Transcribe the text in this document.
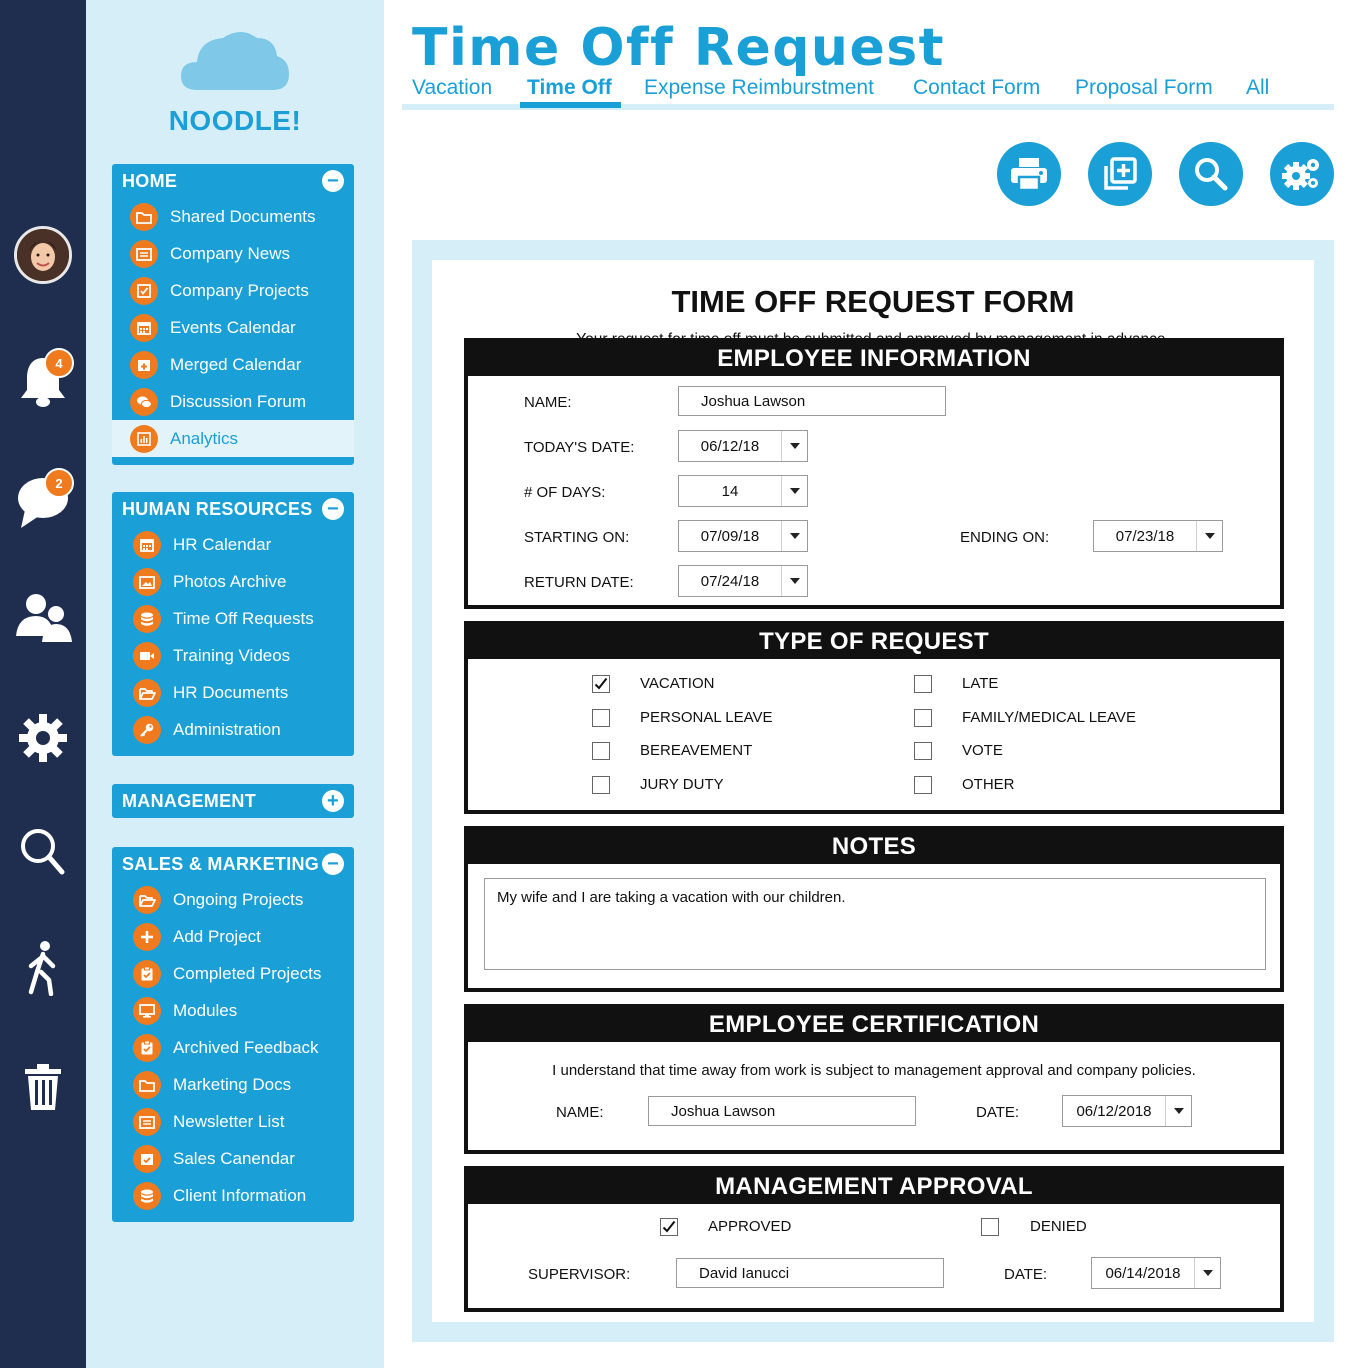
4
2
NOODLE!
HOME	−
Shared Documents
Company News
Company Projects
Events Calendar
Merged Calendar
Discussion Forum
Analytics
HUMAN RESOURCES −
HR Calendar
Photos Archive
Time Off Requests
Training Videos
HR Documents
Administration
MANAGEMENT	+
SALES & MARKETING −
Ongoing Projects
Add Project
Completed Projects
Modules
Archived Feedback
Marketing Docs
Newsletter List
Sales Canendar
Client Information
Time Off Request
Vacation Time Off Expense Reimburstment Contact Form Proposal Form All
TIME OFF REQUEST FORM
EMPLOYEE INFORMATION
NAME:	Joshua Lawson
TODAY'S DATE:	06/12/18
# OF DAYS:	14
STARTING ON:	07/09/18	ENDING ON:	07/23/18
RETURN DATE:	07/24/18
TYPE OF REQUEST
VACATION	LATE
PERSONAL LEAVE	FAMILY/MEDICAL LEAVE
BEREAVEMENT	VOTE
JURY DUTY	OTHER
NOTES
My wife and I are taking a vacation with our children.
EMPLOYEE CERTIFICATION
I understand that time away from work is subject to management approval and company policies.
NAME:	Joshua Lawson	DATE:	06/12/2018
MANAGEMENT APPROVAL
APPROVED	DENIED
SUPERVISOR:	David Ianucci	DATE:	06/14/2018
